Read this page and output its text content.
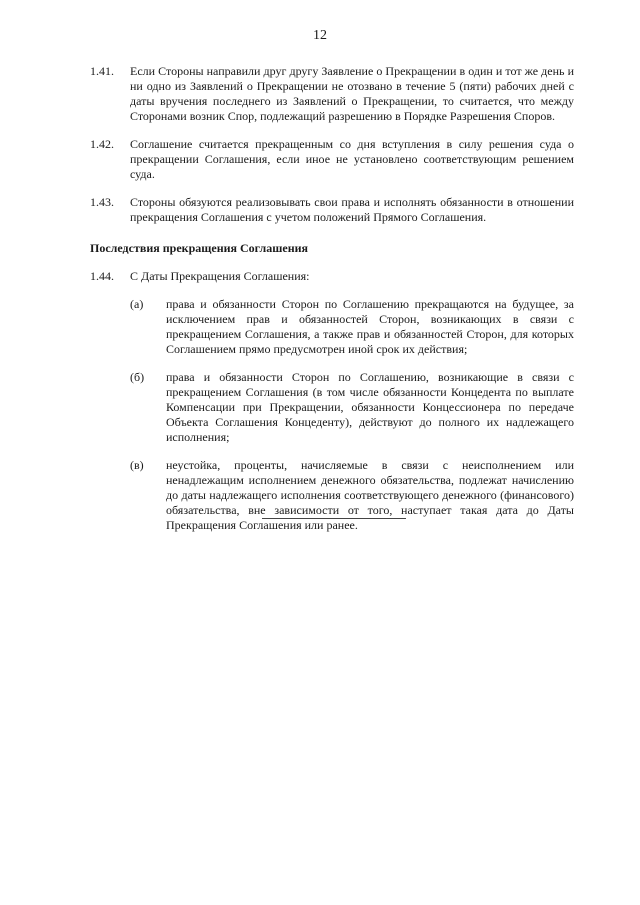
12
1.41. Если Стороны направили друг другу Заявление о Прекращении в один и тот же день и ни одно из Заявлений о Прекращении не отозвано в течение 5 (пяти) рабочих дней с даты вручения последнего из Заявлений о Прекращении, то считается, что между Сторонами возник Спор, подлежащий разрешению в Порядке Разрешения Споров.
1.42. Соглашение считается прекращенным со дня вступления в силу решения суда о прекращении Соглашения, если иное не установлено соответствующим решением суда.
1.43. Стороны обязуются реализовывать свои права и исполнять обязанности в отношении прекращения Соглашения с учетом положений Прямого Соглашения.
Последствия прекращения Соглашения
1.44. С Даты Прекращения Соглашения:
(а) права и обязанности Сторон по Соглашению прекращаются на будущее, за исключением прав и обязанностей Сторон, возникающих в связи с прекращением Соглашения, а также прав и обязанностей Сторон, для которых Соглашением прямо предусмотрен иной срок их действия;
(б) права и обязанности Сторон по Соглашению, возникающие в связи с прекращением Соглашения (в том числе обязанности Концедента по выплате Компенсации при Прекращении, обязанности Концессионера по передаче Объекта Соглашения Концеденту), действуют до полного их надлежащего исполнения;
(в) неустойка, проценты, начисляемые в связи с неисполнением или ненадлежащим исполнением денежного обязательства, подлежат начислению до даты надлежащего исполнения соответствующего денежного (финансового) обязательства, вне зависимости от того, наступает такая дата до Даты Прекращения Соглашения или ранее.
